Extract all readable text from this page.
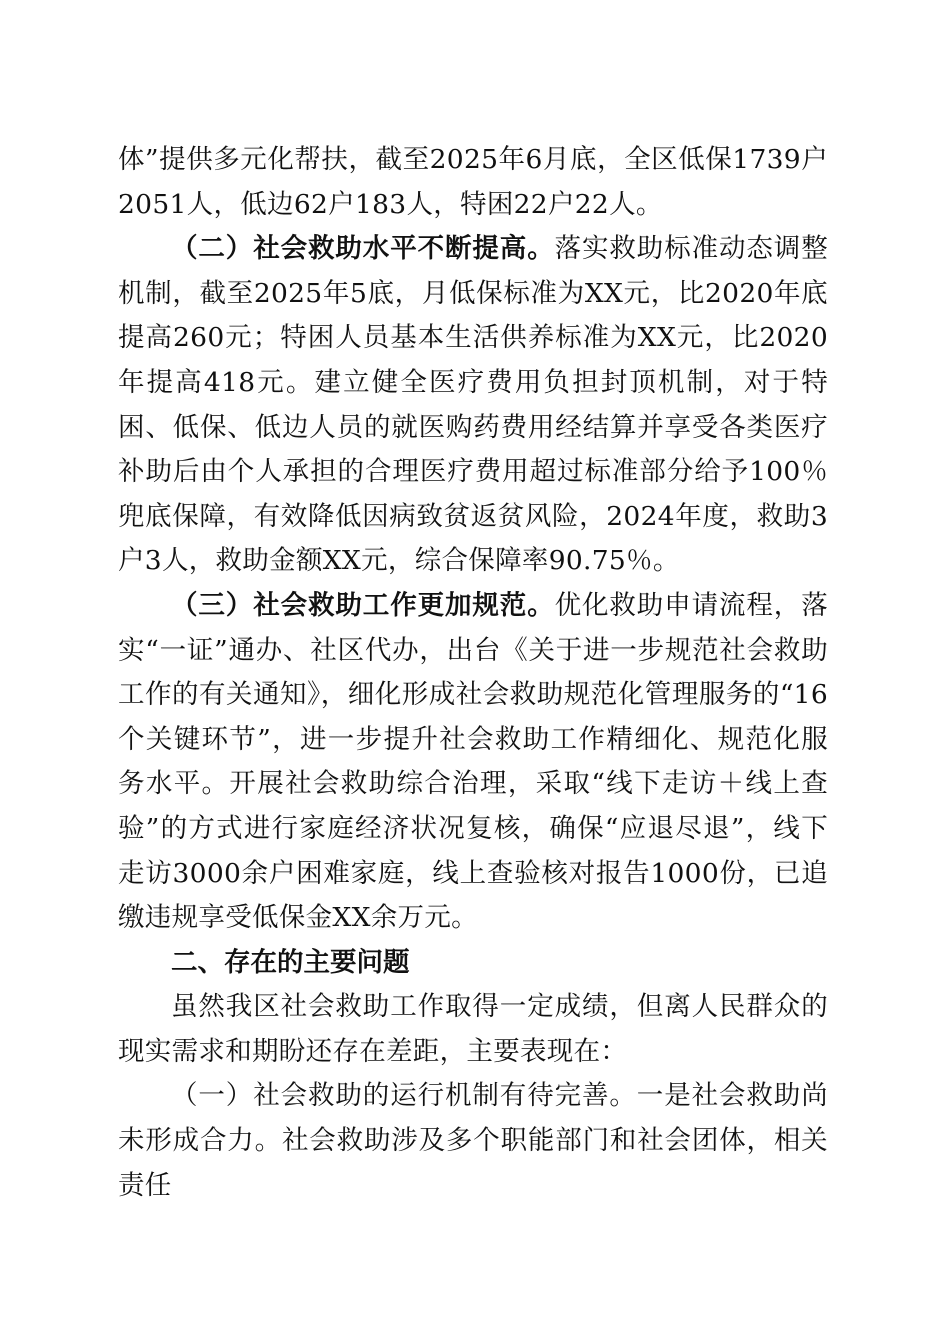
体”提供多元化帮扶，截至2025年6月底，全区低保1739户2051人，低边62户183人，特困22户22人。

（二）社会救助水平不断提高。落实救助标准动态调整机制，截至2025年5底，月低保标准为XX元，比2020年底提高260元；特困人员基本生活供养标准为XX元，比2020年提高418元。建立健全医疗费用负担封顶机制，对于特困、低保、低边人员的就医购药费用经结算并享受各类医疗补助后由个人承担的合理医疗费用超过标准部分给予100％兜底保障，有效降低因病致贫返贫风险，2024年度，救助3户3人，救助金额XX元，综合保障率90.75％。

（三）社会救助工作更加规范。优化救助申请流程，落实“一证”通办、社区代办，出台《关于进一步规范社会救助工作的有关通知》，细化形成社会救助规范化管理服务的“16个关键环节”，进一步提升社会救助工作精细化、规范化服务水平。开展社会救助综合治理，采取“线下走访＋线上查验”的方式进行家庭经济状况复核，确保“应退尽退”，线下走访3000余户困难家庭，线上查验核对报告1000份，已追缴违规享受低保金XX余万元。

二、存在的主要问题

虽然我区社会救助工作取得一定成绩，但离人民群众的现实需求和期盼还存在差距，主要表现在：

（一）社会救助的运行机制有待完善。一是社会救助尚未形成合力。社会救助涉及多个职能部门和社会团体，相关责任
